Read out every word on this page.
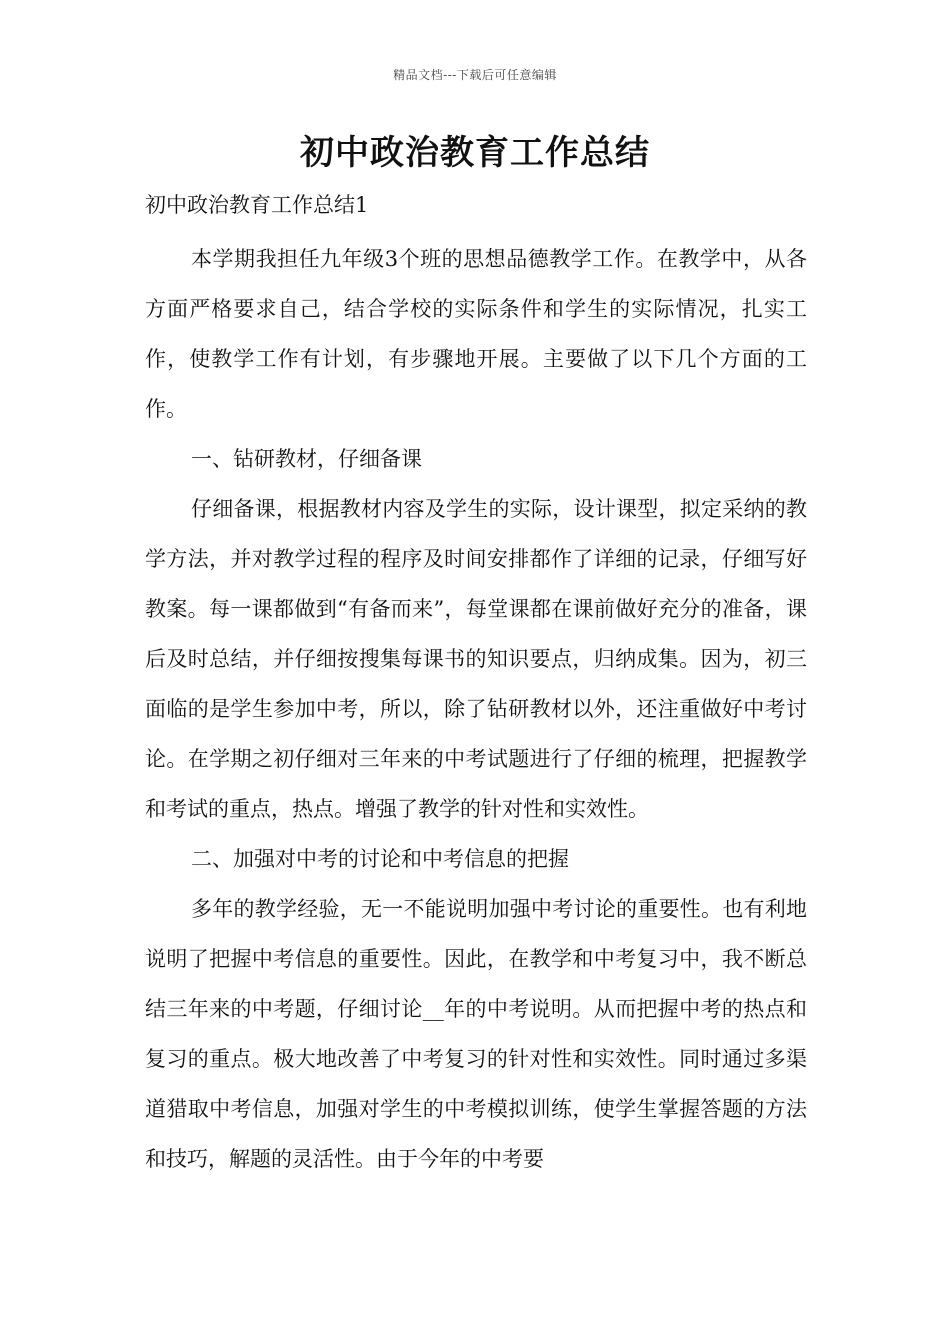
精品文档---下载后可任意编辑
初中政治教育工作总结

初中政治教育工作总结1

本学期我担任九年级3个班的思想品德教学工作。在教学中，从各方面严格要求自己，结合学校的实际条件和学生的实际情况，扎实工作，使教学工作有计划，有步骤地开展。主要做了以下几个方面的工作。

一、钻研教材，仔细备课

仔细备课，根据教材内容及学生的实际，设计课型，拟定采纳的教学方法，并对教学过程的程序及时间安排都作了详细的记录，仔细写好教案。每一课都做到“有备而来”，每堂课都在课前做好充分的准备，课后及时总结，并仔细按搜集每课书的知识要点，归纳成集。因为，初三面临的是学生参加中考，所以，除了钻研教材以外，还注重做好中考讨论。在学期之初仔细对三年来的中考试题进行了仔细的梳理，把握教学和考试的重点，热点。增强了教学的针对性和实效性。

二、加强对中考的讨论和中考信息的把握

多年的教学经验，无一不能说明加强中考讨论的重要性。也有利地说明了把握中考信息的重要性。因此，在教学和中考复习中，我不断总结三年来的中考题，仔细讨论__年的中考说明。从而把握中考的热点和复习的重点。极大地改善了中考复习的针对性和实效性。同时通过多渠道猎取中考信息，加强对学生的中考模拟训练，使学生掌握答题的方法和技巧，解题的灵活性。由于今年的中考要
